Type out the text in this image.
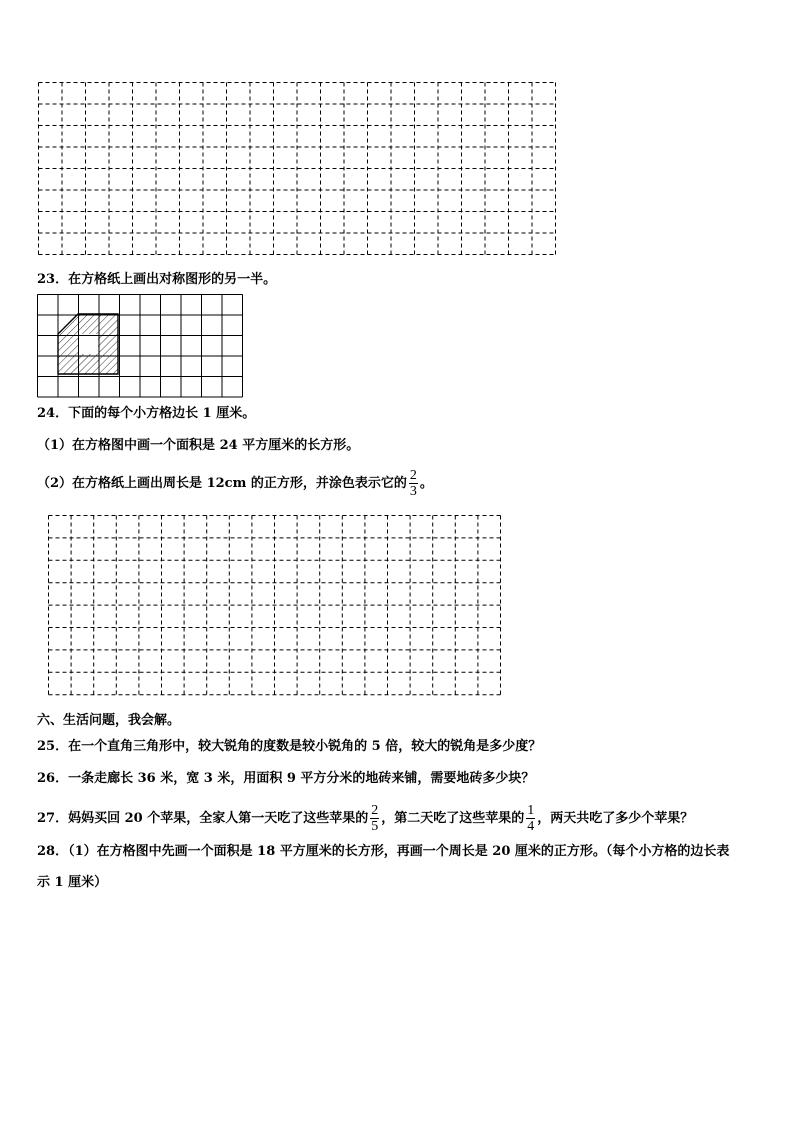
23．在方格纸上画出对称图形的另一半。
24．下面的每个小方格边长 1 厘米。
（1）在方格图中画一个面积是 24 平方厘米的长方形。
（2）在方格纸上画出周长是 12cm 的正方形，并涂色表示它的 $\frac{2}{3}$ 。
六、生活问题，我会解。
25．在一个直角三角形中，较大锐角的度数是较小锐角的 5 倍，较大的锐角是多少度？
26．一条走廊长 36 米，宽 3 米，用面积 9 平方分米的地砖来铺，需要地砖多少块？
27．妈妈买回 20 个苹果，全家人第一天吃了这些苹果的 $\frac{2}{5}$ ，第二天吃了这些苹果的 $\frac{1}{4}$ ，两天共吃了多少个苹果？
28．（1）在方格图中先画一个面积是 18 平方厘米的长方形，再画一个周长是 20 厘米的正方形。（每个小方格的边长表
示 1 厘米）
